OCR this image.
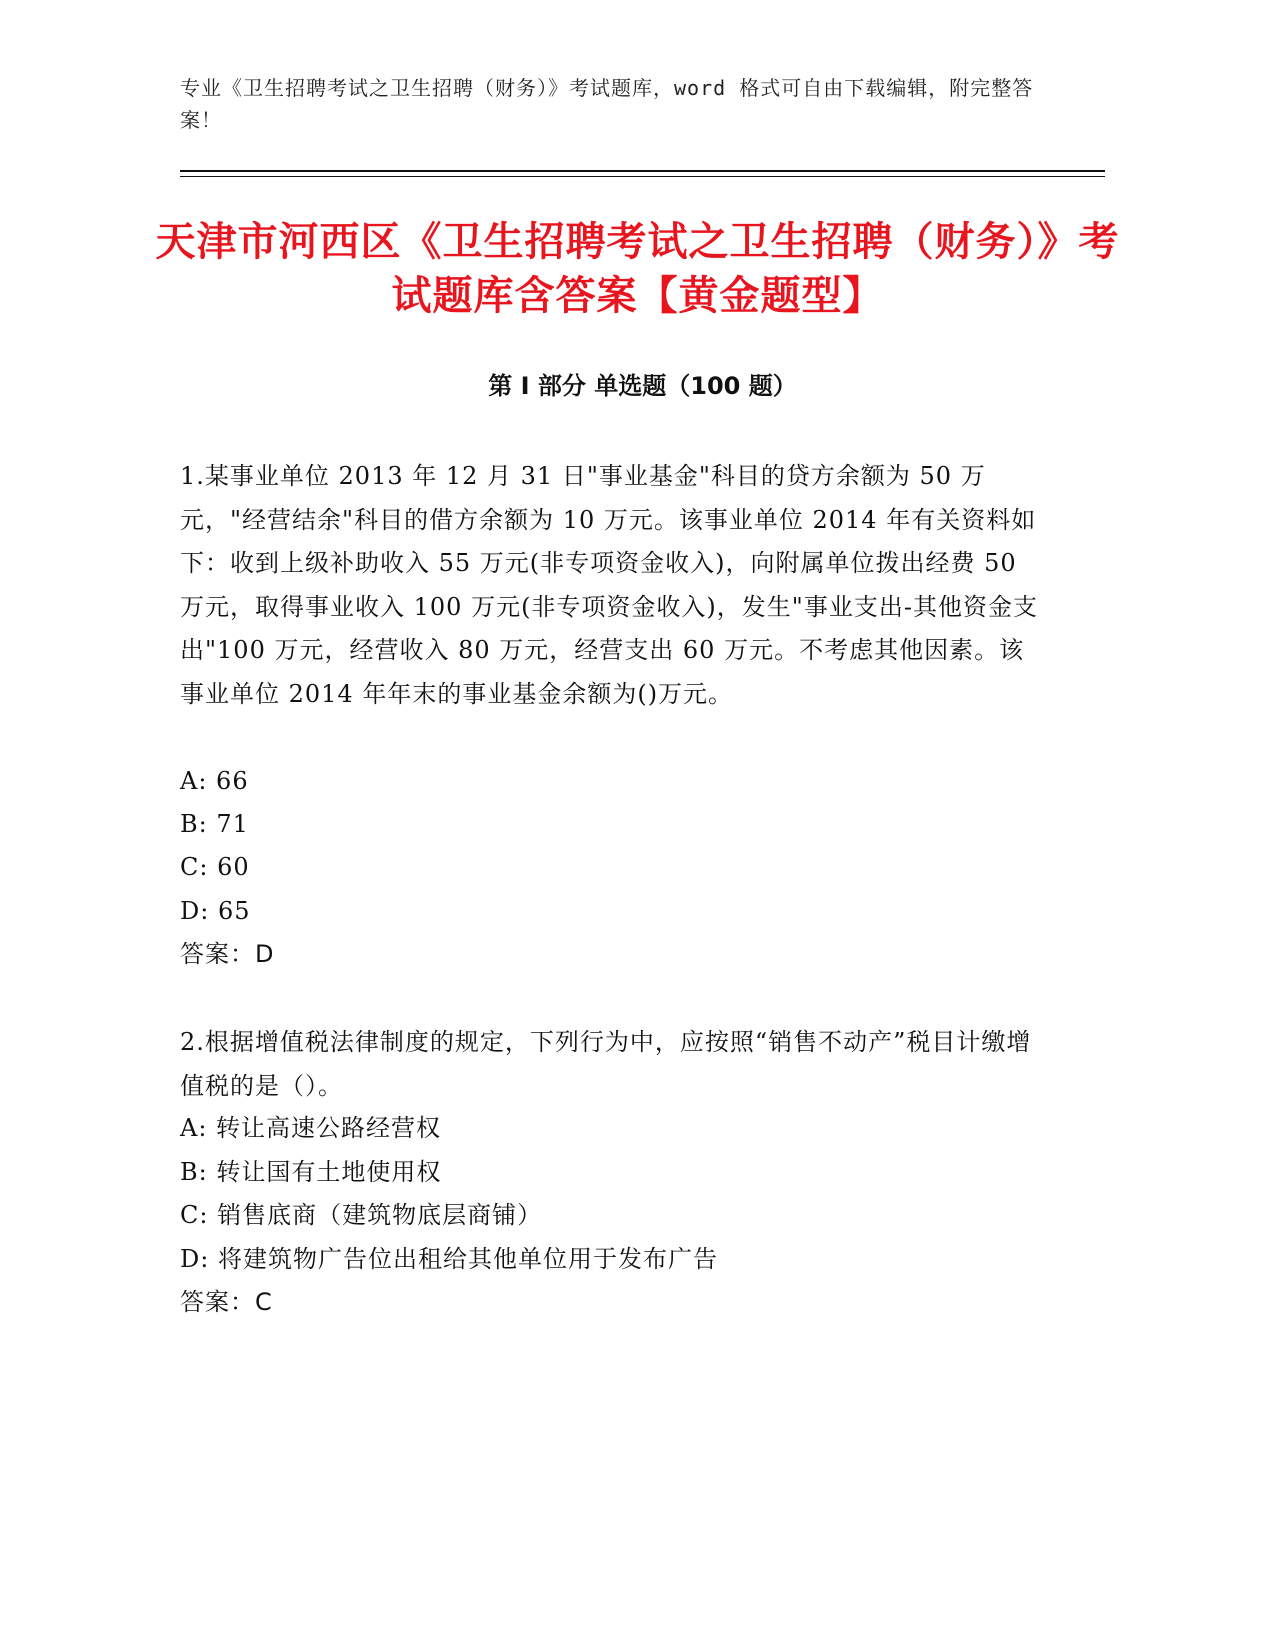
专业《卫生招聘考试之卫生招聘（财务）》考试题库，word 格式可自由下载编辑，附完整答案！
天津市河西区《卫生招聘考试之卫生招聘（财务）》考试题库含答案【黄金题型】
第 I 部分 单选题（100 题）
1.某事业单位 2013 年 12 月 31 日"事业基金"科目的贷方余额为 50 万元，"经营结余"科目的借方余额为 10 万元。该事业单位 2014 年有关资料如下：收到上级补助收入 55 万元(非专项资金收入)，向附属单位拨出经费 50 万元，取得事业收入 100 万元(非专项资金收入)，发生"事业支出-其他资金支出"100 万元，经营收入 80 万元，经营支出 60 万元。不考虑其他因素。该事业单位 2014 年年末的事业基金余额为()万元。
A: 66
B: 71
C: 60
D: 65
答案：D
2.根据增值税法律制度的规定，下列行为中，应按照“销售不动产”税目计缴增值税的是（）。
A: 转让高速公路经营权
B: 转让国有土地使用权
C: 销售底商（建筑物底层商铺）
D: 将建筑物广告位出租给其他单位用于发布广告
答案：C
